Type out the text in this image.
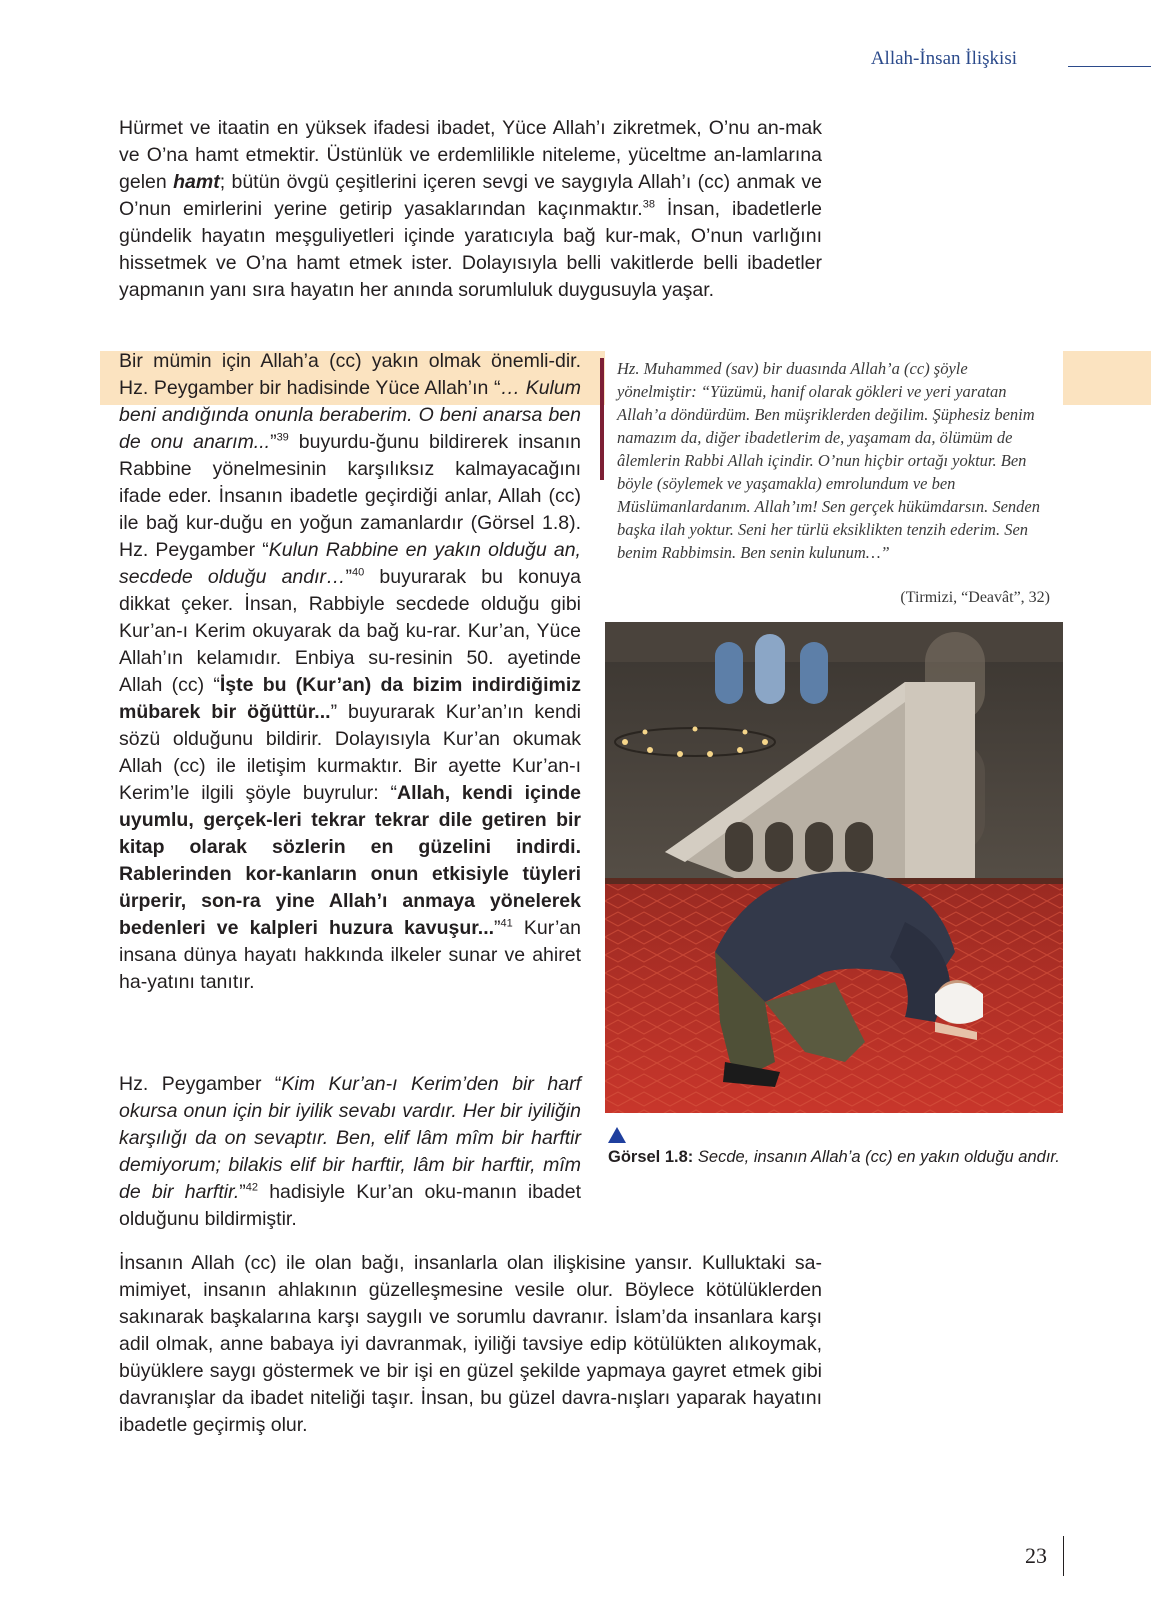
Allah-İnsan İlişkisi

Hürmet ve itaatin en yüksek ifadesi ibadet, Yüce Allah’ı zikretmek, O’nu an-mak ve O’na hamt etmektir. Üstünlük ve erdemlilikle niteleme, yüceltme an-lamlarına gelen hamt; bütün övgü çeşitlerini içeren sevgi ve saygıyla Allah’ı (cc) anmak ve O’nun emirlerini yerine getirip yasaklarından kaçınmaktır.$^{38}$ İnsan, ibadetlerle gündelik hayatın meşguliyetleri içinde yaratıcıyla bağ kur-mak, O’nun varlığını hissetmek ve O’na hamt etmek ister. Dolayısıyla belli vakitlerde belli ibadetler yapmanın yanı sıra hayatın her anında sorumluluk duygusuyla yaşar.

Bir mümin için Allah’a (cc) yakın olmak önemli-dir. Hz. Peygamber bir hadisinde Yüce Allah’ın “… Kulum beni andığında onunla beraberim. O beni anarsa ben de onu anarım...”$^{39}$ buyurdu-ğunu bildirerek insanın Rabbine yönelmesinin karşılıksız kalmayacağını ifade eder. İnsanın ibadetle geçirdiği anlar, Allah (cc) ile bağ kur-duğu en yoğun zamanlardır (Görsel 1.8). Hz. Peygamber “Kulun Rabbine en yakın olduğu an, secdede olduğu andır…”$^{40}$ buyurarak bu konuya dikkat çeker. İnsan, Rabbiyle secdede olduğu gibi Kur’an-ı Kerim okuyarak da bağ ku-rar. Kur’an, Yüce Allah’ın kelamıdır. Enbiya su-resinin 50. ayetinde Allah (cc) “İşte bu (Kur’an) da bizim indirdiğimiz mübarek bir öğüttür...” buyurarak Kur’an’ın kendi sözü olduğunu bildirir. Dolayısıyla Kur’an okumak Allah (cc) ile iletişim kurmaktır. Bir ayette Kur’an-ı Kerim’le ilgili şöyle buyrulur: “Allah, kendi içinde uyumlu, gerçek-leri tekrar tekrar dile getiren bir kitap olarak sözlerin en güzelini indirdi. Rablerinden kor-kanların onun etkisiyle tüyleri ürperir, son-ra yine Allah’ı anmaya yönelerek bedenleri ve kalpleri huzura kavuşur...”$^{41}$ Kur’an insana dünya hayatı hakkında ilkeler sunar ve ahiret ha-yatını tanıtır.

Hz. Peygamber “Kim Kur’an-ı Kerim’den bir harf okursa onun için bir iyilik sevabı vardır. Her bir iyiliğin karşılığı da on sevaptır. Ben, elif lâm mîm bir harftir demiyorum; bilakis elif bir harftir, lâm bir harftir, mîm de bir harftir.”$^{42}$ hadisiyle Kur’an oku-manın ibadet olduğunu bildirmiştir.

Hz. Muhammed (sav) bir duasında Allah’a (cc) şöyle yönelmiştir: “Yüzümü, hanif olarak gökleri ve yeri yaratan Allah’a döndürdüm. Ben müşriklerden değilim. Şüphesiz benim namazım da, diğer ibadetlerim de, yaşamam da, ölümüm de âlemlerin Rabbi Allah içindir. O’nun hiçbir ortağı yoktur. Ben böyle (söylemek ve yaşamakla) emrolundum ve ben Müslümanlardanım. Allah’ım! Sen gerçek hükümdarsın. Senden başka ilah yoktur. Seni her türlü eksiklikten tenzih ederim. Sen benim Rabbimsin. Ben senin kulunum…”

(Tirmizi, “Deavât”, 32)

Görsel 1.8: Secde, insanın Allah’a (cc) en yakın olduğu andır.

İnsanın Allah (cc) ile olan bağı, insanlarla olan ilişkisine yansır. Kulluktaki sa-mimiyet, insanın ahlakının güzelleşmesine vesile olur. Böylece kötülüklerden sakınarak başkalarına karşı saygılı ve sorumlu davranır. İslam’da insanlara karşı adil olmak, anne babaya iyi davranmak, iyiliği tavsiye edip kötülükten alıkoymak, büyüklere saygı göstermek ve bir işi en güzel şekilde yapmaya gayret etmek gibi davranışlar da ibadet niteliği taşır. İnsan, bu güzel davra-nışları yaparak hayatını ibadetle geçirmiş olur.

23
